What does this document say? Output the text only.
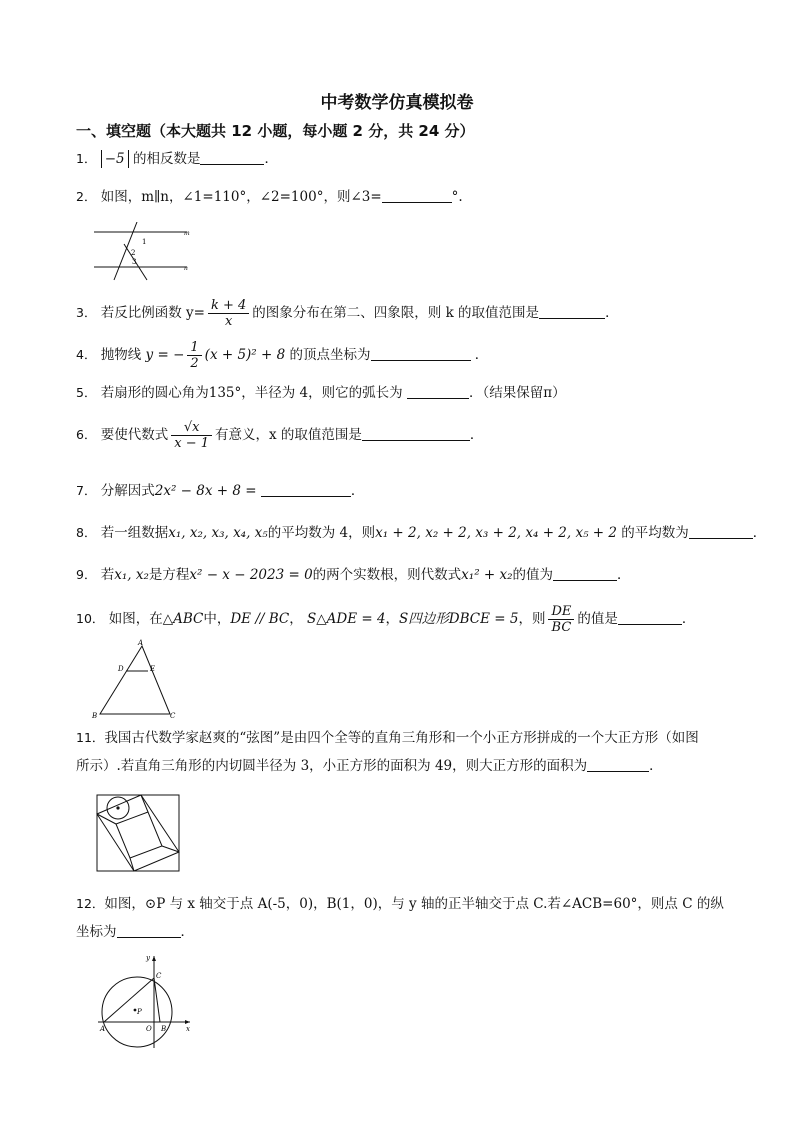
中考数学仿真模拟卷
一、填空题（本大题共 12 小题，每小题 2 分，共 24 分）
1． −5 的相反数是	．
2． 如图，m∥n，∠1=110°，∠2=100°，则∠3=	°.
m
n
1
2
3
3． 若反比例函数 $y= \frac{k + 4}{x}$ 的图象分布在第二、四象限，则 k 的取值范围是	．
4． 抛物线 y = − $\frac{1}{2} (x + 5)^2 + 8$ 的顶点坐标为	．
5． 若扇形的圆心角为135°，半径为 4，则它的弧长为	．（结果保留π）
6． 要使代数式 $\frac{√x}{x - 1}$ 有意义，x 的取值范围是	．
7． 分解因式2x² − 8x + 8 =	．
8． 若一组数据x₁, x₂, x₃, x₄, x₅的平均数为 4，则x₁ + 2, x₂ + 2, x₃ + 2, x₄ + 2, x₅ + 2 的平均数为	．
9． 若x₁, x₂是方程x² − x − 2023 = 0的两个实数根，则代数式x₁² + x₂的值为	．
10． 如图，在△ABC中，DE // BC， S△ADE = 4，S四边形DBCE = 5，则 $\frac{DE}{BC}$ 的值是	．
A
D	E
B	C
11．我国古代数学家赵爽的“弦图”是由四个全等的直角三角形和一个小正方形拼成的一个大正方形（如图
所示）.若直角三角形的内切圆半径为 3，小正方形的面积为 49，则大正方形的面积为	．
12．如图，⊙P 与 x 轴交于点 A(-5，0)，B(1，0)，与 y 轴的正半轴交于点 C.若∠ACB=60°，则点 C 的纵
坐标为	．
y
C
P
A	O B	x
